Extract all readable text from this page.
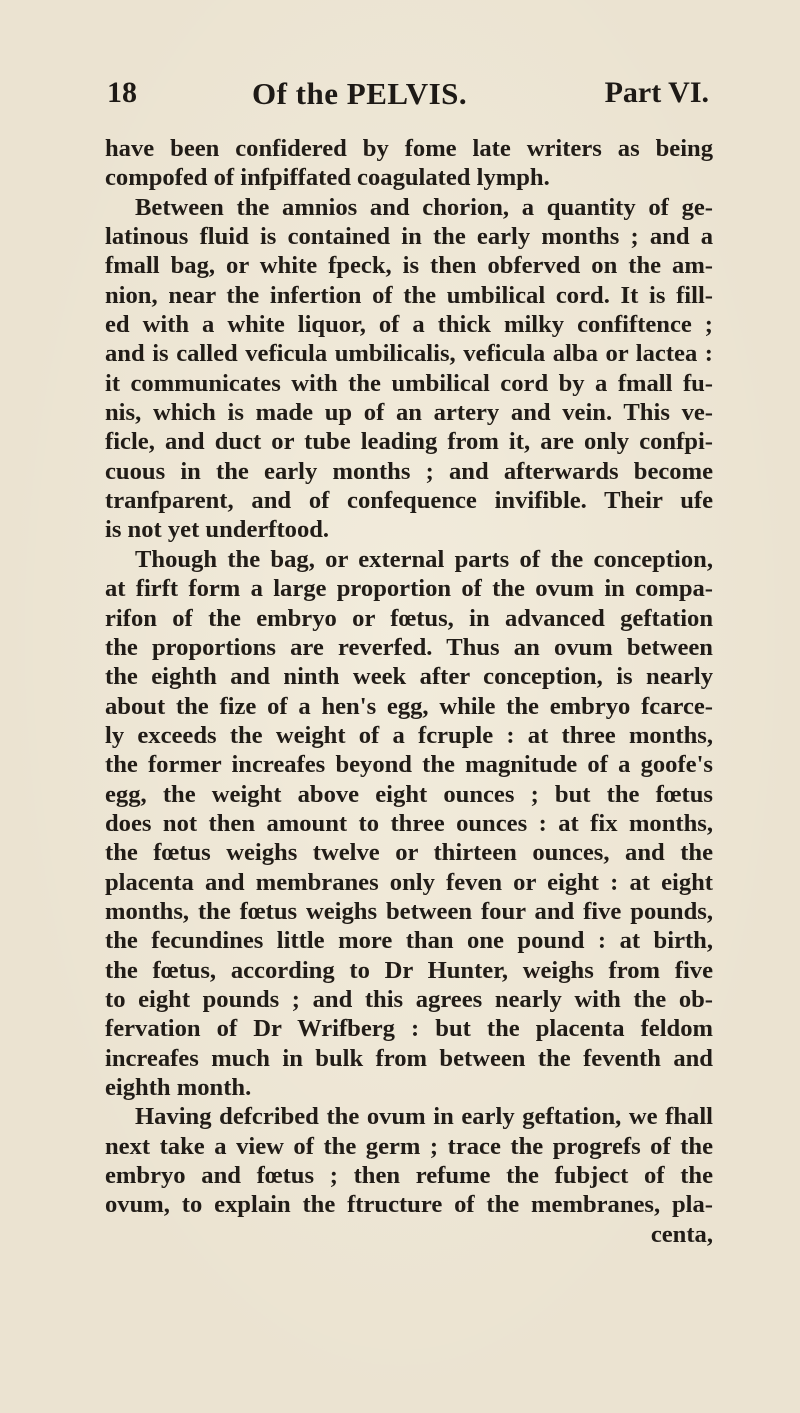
18	Of the PELVIS.	Part VI.
have been confidered by fome late writers as being
compofed of infpiffated coagulated lymph.
Between the amnios and chorion, a quantity of ge-
latinous fluid is contained in the early months ; and a
fmall bag, or white fpeck, is then obferved on the am-
nion, near the infertion of the umbilical cord. It is fill-
ed with a white liquor, of a thick milky confiftence ;
and is called veficula umbilicalis, veficula alba or lactea :
it communicates with the umbilical cord by a fmall fu-
nis, which is made up of an artery and vein. This ve-
ficle, and duct or tube leading from it, are only confpi-
cuous in the early months ; and afterwards become
tranfparent, and of confequence invifible. Their ufe
is not yet underftood.
Though the bag, or external parts of the conception,
at firft form a large proportion of the ovum in compa-
rifon of the embryo or fœtus, in advanced geftation
the proportions are reverfed. Thus an ovum between
the eighth and ninth week after conception, is nearly
about the fize of a hen's egg, while the embryo fcarce-
ly exceeds the weight of a fcruple : at three months,
the former increafes beyond the magnitude of a goofe's
egg, the weight above eight ounces ; but the fœtus
does not then amount to three ounces : at fix months,
the fœtus weighs twelve or thirteen ounces, and the
placenta and membranes only feven or eight : at eight
months, the fœtus weighs between four and five pounds,
the fecundines little more than one pound : at birth,
the fœtus, according to Dr Hunter, weighs from five
to eight pounds ; and this agrees nearly with the ob-
fervation of Dr Wrifberg : but the placenta feldom
increafes much in bulk from between the feventh and
eighth month.
Having defcribed the ovum in early geftation, we fhall
next take a view of the germ ; trace the progrefs of the
embryo and fœtus ; then refume the fubject of the
ovum, to explain the ftructure of the membranes, pla-
centa,
